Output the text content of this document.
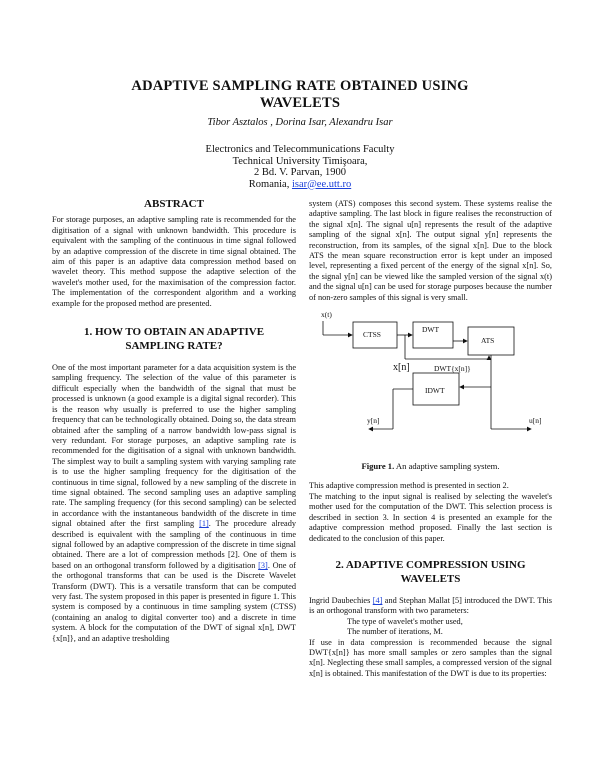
ADAPTIVE SAMPLING RATE OBTAINED USING
WAVELETS
Tibor Asztalos , Dorina Isar, Alexandru Isar
Electronics and Telecommunications Faculty
Technical University Timişoara,
2 Bd. V. Parvan, 1900
Romania, isar@ee.utt.ro
ABSTRACT

For storage purposes, an adaptive sampling rate is recommended for the digitisation of a signal with unknown bandwidth. This procedure is equivalent with the sampling of the continuous in time signal followed by an adaptive compression of the discrete in time signal obtained. The aim of this paper is an adaptive data compression method based on wavelet theory. This method suppose the adaptive selection of the wavelet's mother used, for the maximisation of the compression factor. The implementation of the correspondent algorithm and a working example for the proposed method are presented.

1. HOW TO OBTAIN AN ADAPTIVE
SAMPLING RATE?

One of the most important parameter for a data acquisition system is the sampling frequency. The selection of the value of this parameter is difficult especially when the bandwidth of the signal that must be processed is unknown (a good example is a digital signal recorder). This is the reason why usually is preferred to use the higher sampling frequency that can be technologically obtained. Doing so, the data stream obtained after the sampling of a narrow bandwidth low-pass signal is very redundant. For storage purposes, an adaptive sampling rate is recommended for the digitisation of a signal with unknown bandwidth. The simplest way to built a sampling system with varying sampling rate is to use the higher sampling frequency for the digitisation of the continuous in time signal, followed by a new sampling of the discrete in time signal obtained. The second sampling uses an adaptive sampling rate. The sampling frequency (for this second sampling) can be selected in accordance with the instantaneous bandwidth of the discrete in time signal obtained after the first sampling [1]. The procedure already described is equivalent with the sampling of the continuous in time signal followed by an adaptive compression of the discrete in time signal obtained. There are a lot of compression methods [2]. One of them is based on an orthogonal transform followed by a digitisation [3]. One of the orthogonal transforms that can be used is the Discrete Wavelet Transform (DWT). This is a versatile transform that can be computed very fast. The system proposed in this paper is presented in figure 1. This system is composed by a continuous in time sampling system (CTSS) (containing an analog to digital converter too) and a discrete in time system. A block for the computation of the DWT of signal x[n], DWT {x[n]}, and an adaptive tresholding

system (ATS) composes this second system. These systems realise the adaptive sampling. The last block in figure realises the reconstruction of the signal x[n]. The signal u[n] represents the result of the adaptive sampling of the signal x[n]. The output signal y[n] represents the reconstruction, from its samples, of the signal x[n]. Due to the block ATS the mean square reconstruction error is kept under an imposed level, representing a fixed percent of the energy of the signal x[n]. So, the signal y[n] can be viewed like the sampled version of the signal x(t) and the signal u[n] can be used for storage purposes because the number of non-zero samples of this signal is very small.

x(t)
CTSS
DWT
ATS
x[n]	DWT{x[n]}
IDWT
y[n]	u[n]
Figure 1. An adaptive sampling system.

This adaptive compression method is presented in section 2.

The matching to the input signal is realised by selecting the wavelet's mother used for the computation of the DWT. This selection process is described in section 3. In section 4 is presented an example for the adaptive compression method proposed. Finally the last section is dedicated to the conclusion of this paper.

2. ADAPTIVE COMPRESSION USING
WAVELETS

Ingrid Daubechies [4] and Stephan Mallat [5] introduced the DWT. This is an orthogonal transform with two parameters:

The type of wavelet's mother used,

The number of iterations, M.

If use in data compression is recommended because the signal DWT{x[n]} has more small samples or zero samples than the signal x[n]. Neglecting these small samples, a compressed version of the signal x[n] is obtained. This manifestation of the DWT is due to its properties:
